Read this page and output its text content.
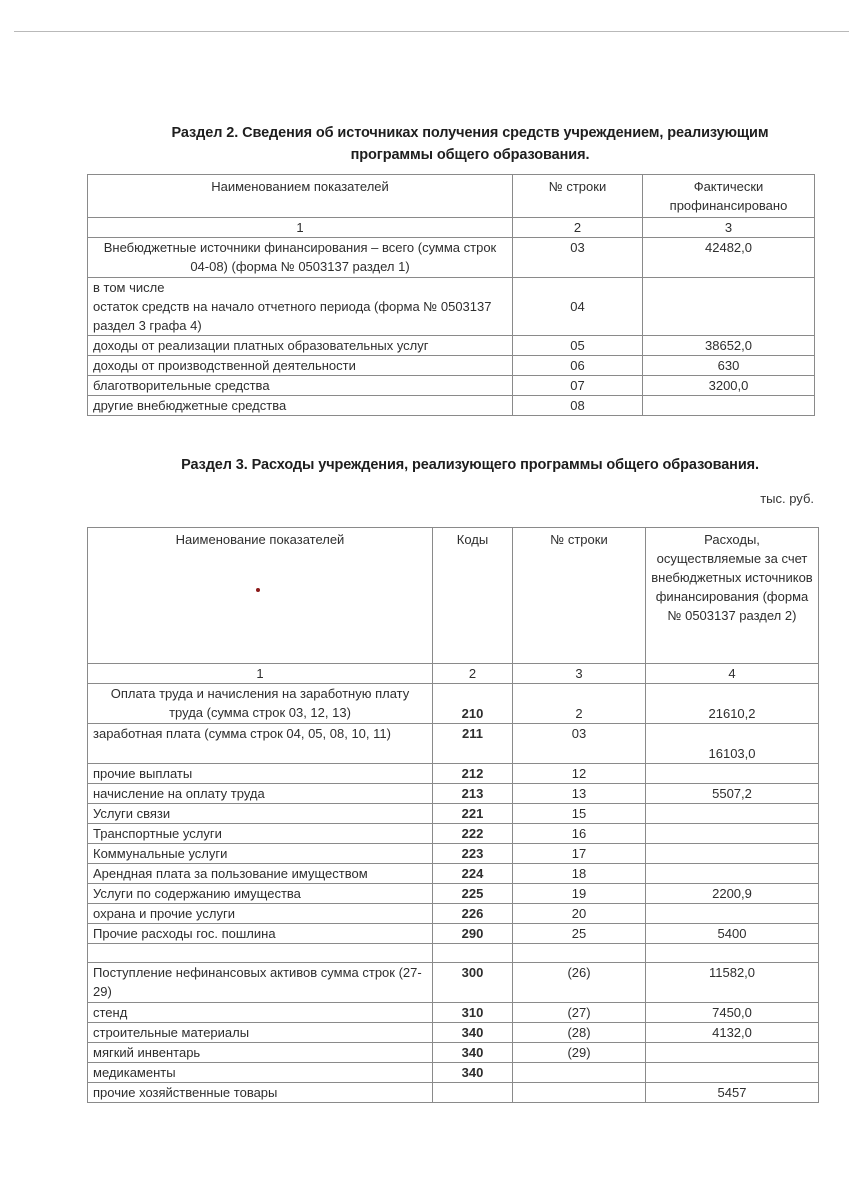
Раздел 2. Сведения об источниках получения средств учреждением, реализующим
программы общего образования.
Наименованием показателей	№ строки	Фактически профинансировано
1	2	3
Внебюджетные источники финансирования – всего (сумма строк 04-08) (форма № 0503137 раздел 1)	03	42482,0

в том числе
остаток средств на начало отчетного периода (форма № 0503137 раздел 3 графа 4)	04	
доходы от реализации платных образовательных услуг	05	38652,0
доходы от производственной деятельности	06	630
благотворительные средства	07	3200,0
другие внебюджетные средства	08	
Раздел 3. Расходы учреждения, реализующего программы общего образования.
тыс. руб.
Наименование показателей	Коды	№ строки	Расходы, осуществляемые за счет внебюджетных источников финансирования (форма № 0503137 раздел 2)
1	2	3	4
Оплата труда и начисления на заработную плату труда (сумма строк 03, 12, 13)	210	2	21610,2
заработная плата (сумма строк 04, 05, 08, 10, 11)	211	03	16103,0
прочие выплаты	212	12	
начисление на оплату труда	213	13	5507,2
Услуги связи	221	15	
Транспортные услуги	222	16	
Коммунальные услуги	223	17	
Арендная плата за пользование имуществом	224	18	
Услуги по содержанию имущества	225	19	2200,9
охрана и прочие услуги	226	20	
Прочие расходы гос. пошлина	290	25	5400

Поступление нефинансовых активов сумма строк (27-29)	300	(26)	11582,0
стенд	310	(27)	7450,0
строительные материалы	340	(28)	4132,0
мягкий инвентарь	340	(29)	
медикаменты	340		
прочие хозяйственные товары			5457
